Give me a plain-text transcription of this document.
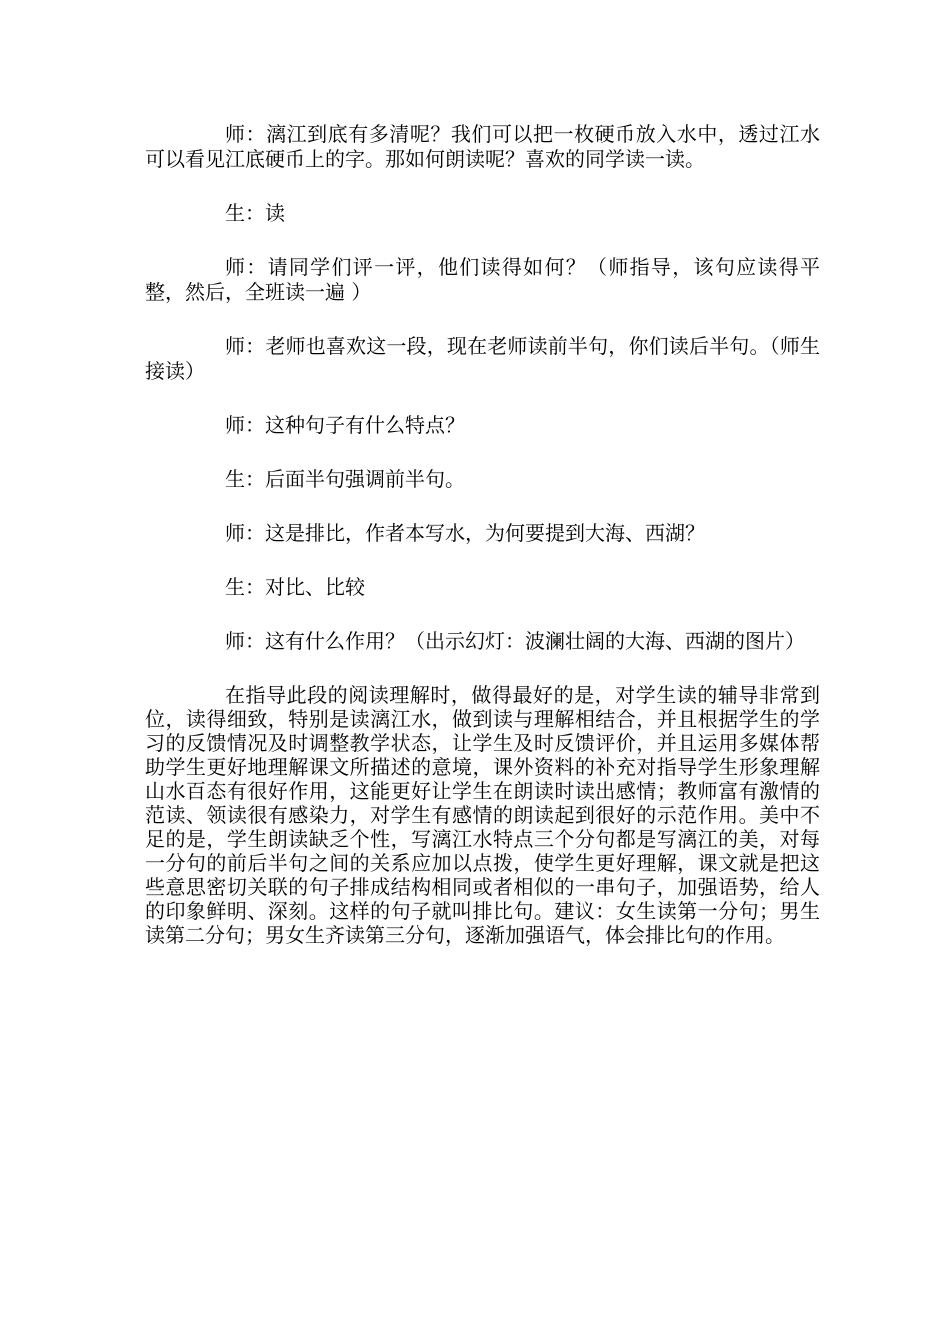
师：漓江到底有多清呢？我们可以把一枚硬币放入水中，透过江水可以看见江底硬币上的字。那如何朗读呢？喜欢的同学读一读。

生：读

师：请同学们评一评，他们读得如何？（师指导，该句应读得平整，然后，全班读一遍 ）

师：老师也喜欢这一段，现在老师读前半句，你们读后半句。（师生接读）

师：这种句子有什么特点？

生：后面半句强调前半句。

师：这是排比，作者本写水，为何要提到大海、西湖？

生：对比、比较

师：这有什么作用？（出示幻灯：波澜壮阔的大海、西湖的图片）

在指导此段的阅读理解时，做得最好的是，对学生读的辅导非常到位，读得细致，特别是读漓江水，做到读与理解相结合，并且根据学生的学习的反馈情况及时调整教学状态，让学生及时反馈评价，并且运用多媒体帮助学生更好地理解课文所描述的意境，课外资料的补充对指导学生形象理解山水百态有很好作用，这能更好让学生在朗读时读出感情；教师富有激情的范读、领读很有感染力，对学生有感情的朗读起到很好的示范作用。美中不足的是，学生朗读缺乏个性，写漓江水特点三个分句都是写漓江的美，对每一分句的前后半句之间的关系应加以点拨，使学生更好理解，课文就是把这些意思密切关联的句子排成结构相同或者相似的一串句子，加强语势，给人的印象鲜明、深刻。这样的句子就叫排比句。建议：女生读第一分句；男生读第二分句；男女生齐读第三分句，逐渐加强语气，体会排比句的作用。
